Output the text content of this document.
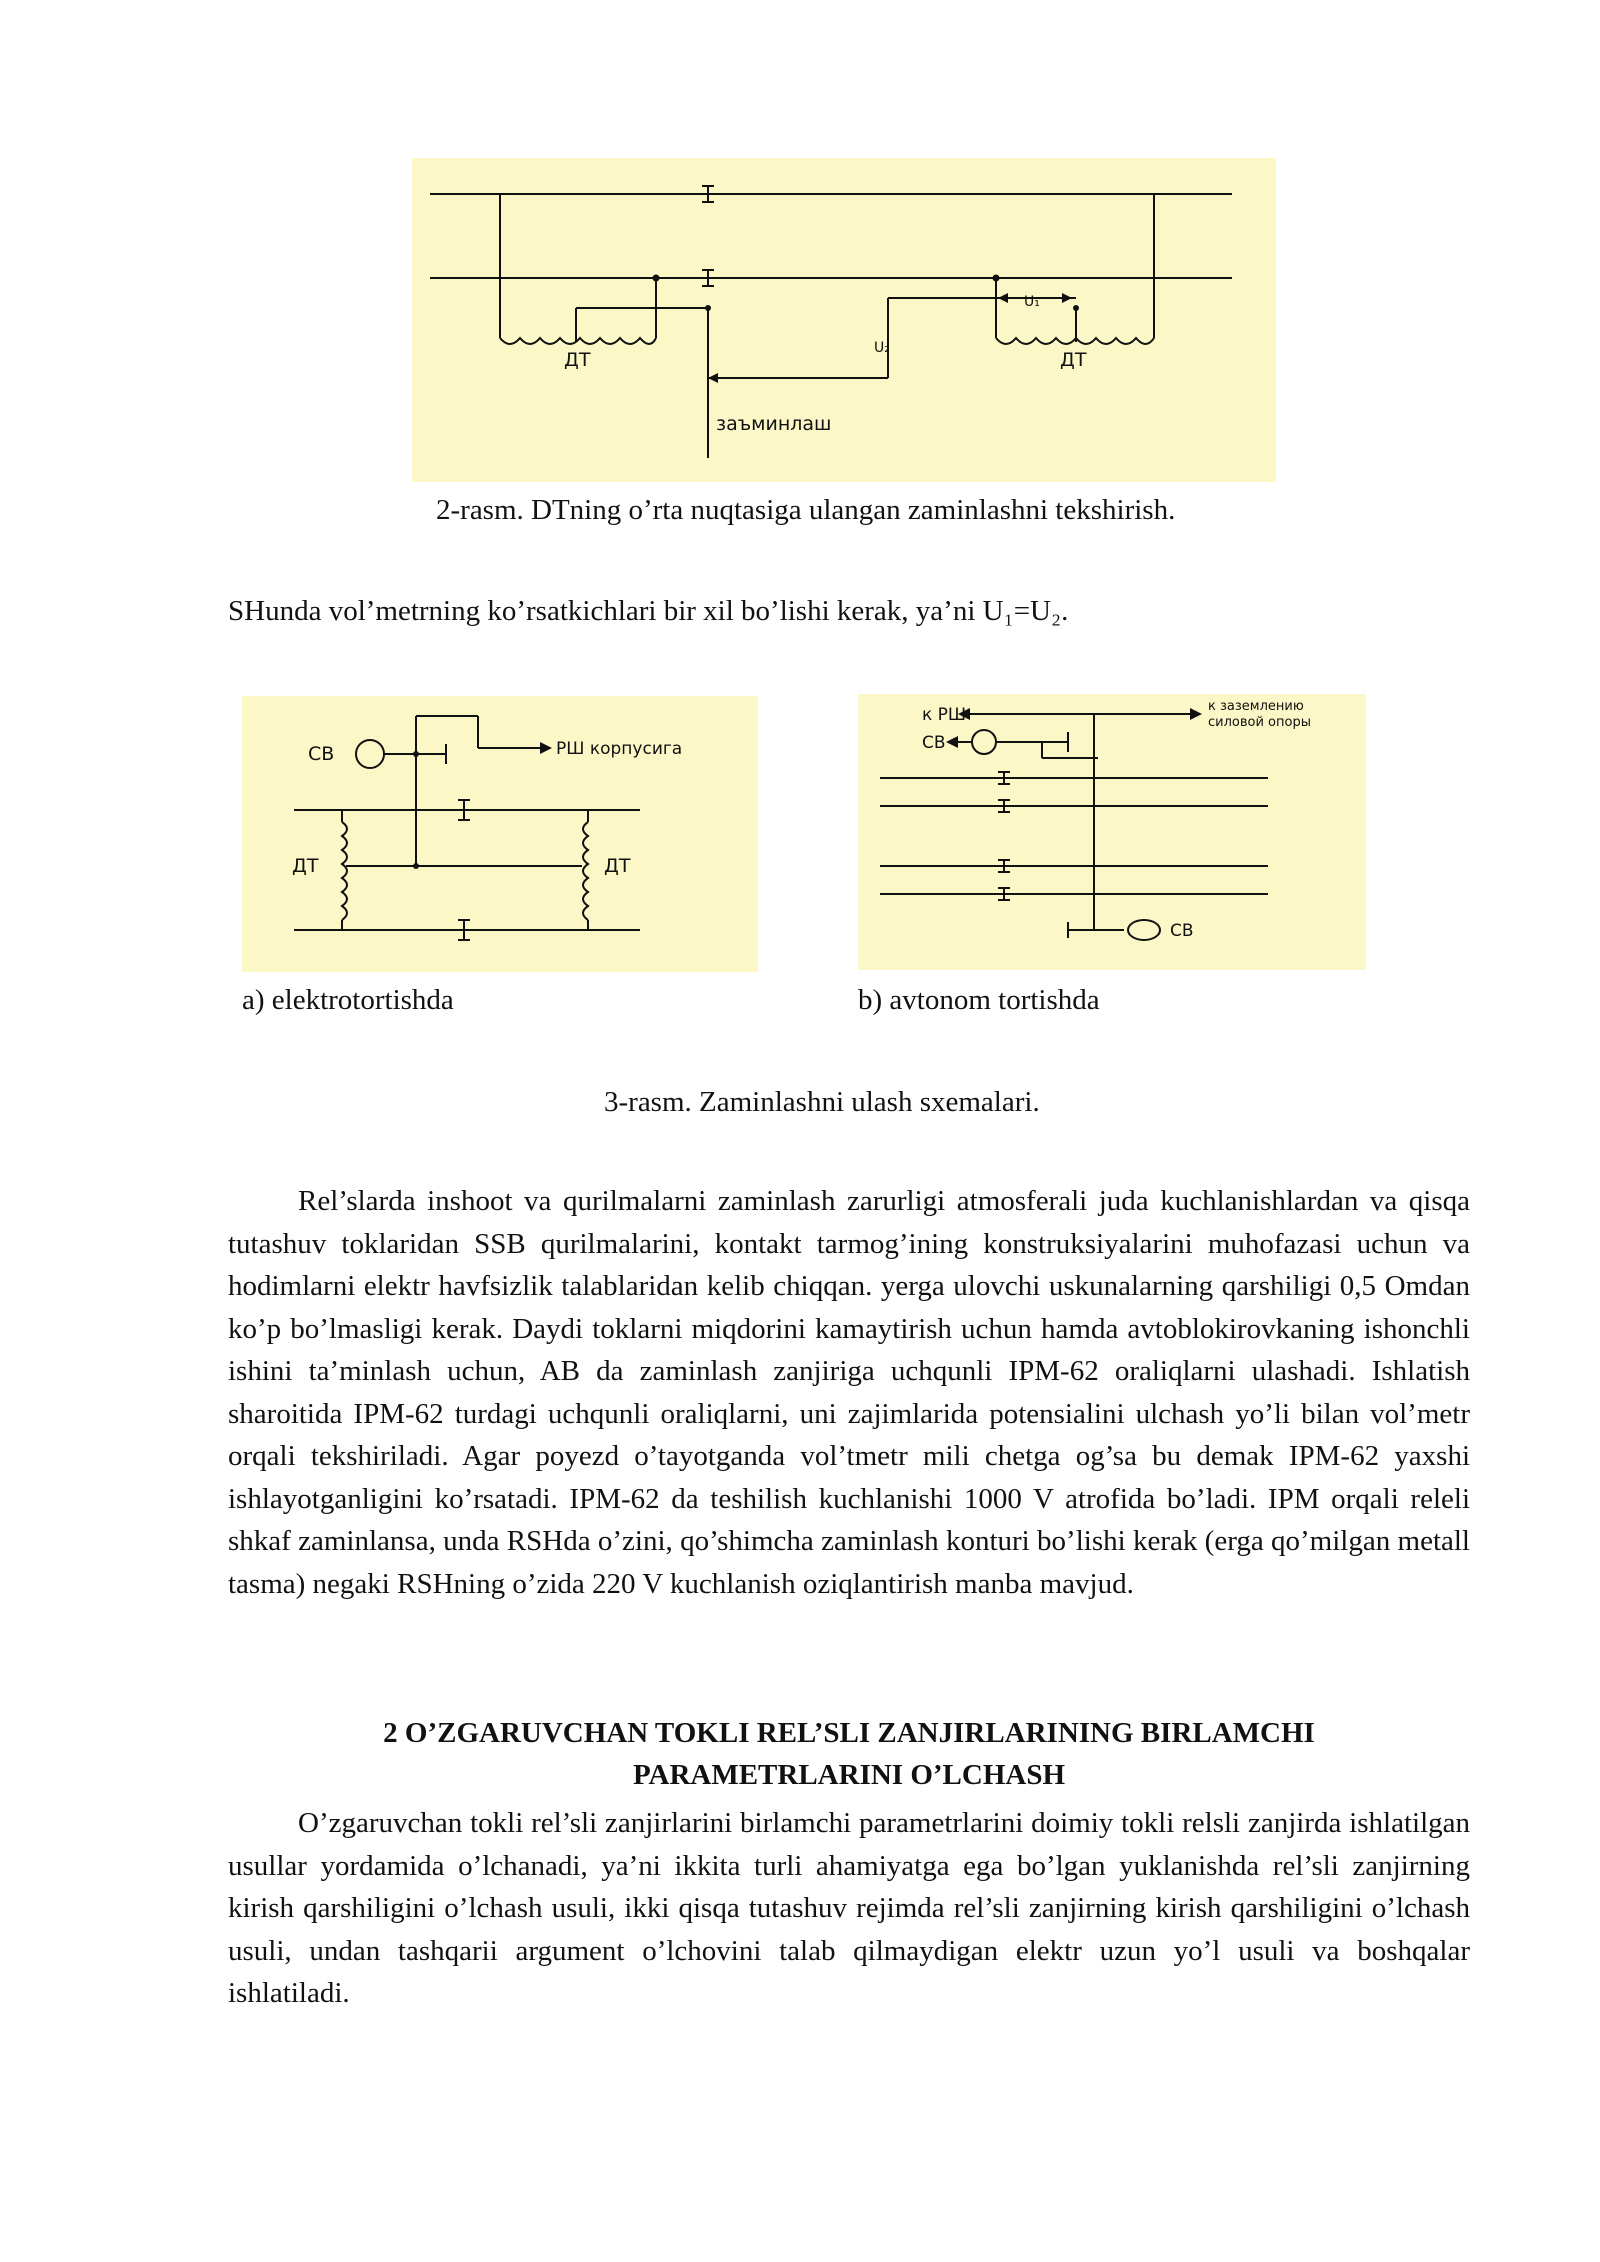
ДТ	ДТ
U₁
U₂
заъминлаш
2-rasm. DTning o’rta nuqtasiga ulangan zaminlashni tekshirish.
SHunda vol’metrning ko’rsatkichlari bir xil bo’lishi kerak, ya’ni U₁=U₂.
СВ	РШ корпусига
ДТ	ДТ
к РШ
СВ
к заземлению
силовой опоры
СВ
a) elektrotortishda	b) avtonom tortishda
3-rasm. Zaminlashni ulash sxemalari.

Rel’slarda inshoot va qurilmalarni zaminlash zarurligi atmosferali juda kuchlanishlardan va qisqa tutashuv toklaridan SSB qurilmalarini, kontakt tarmog’ining konstruksiyalarini muhofazasi uchun va hodimlarni elektr havfsizlik talablaridan kelib chiqqan. yerga ulovchi uskunalarning qarshiligi 0,5 Omdan ko’p bo’lmasligi kerak. Daydi toklarni miqdorini kamaytirish uchun hamda avtoblokirovkaning ishonchli ishini ta’minlash uchun, AB da zaminlash zanjiriga uchqunli IPM-62 oraliqlarni ulashadi. Ishlatish sharoitida IPM-62 turdagi uchqunli oraliqlarni, uni zajimlarida potensialini ulchash yo’li bilan vol’metr orqali tekshiriladi. Agar poyezd o’tayotganda vol’tmetr mili chetga og’sa bu demak IPM-62 yaxshi ishlayotganligini ko’rsatadi. IPM-62 da teshilish kuchlanishi 1000 V atrofida bo’ladi. IPM orqali releli shkaf zaminlansa, unda RSHda o’zini, qo’shimcha zaminlash konturi bo’lishi kerak (erga qo’milgan metall tasma) negaki RSHning o’zida 220 V kuchlanish oziqlantirish manba mavjud.

2 O’ZGARUVCHAN TOKLI REL’SLI ZANJIRLARINING BIRLAMCHI
PARAMETRLARINI O’LCHASH

O’zgaruvchan tokli rel’sli zanjirlarini birlamchi parametrlarini doimiy tokli relsli zanjirda ishlatilgan usullar yordamida o’lchanadi, ya’ni ikkita turli ahamiyatga ega bo’lgan yuklanishda rel’sli zanjirning kirish qarshiligini o’lchash usuli, ikki qisqa tutashuv rejimda rel’sli zanjirning kirish qarshiligini o’lchash usuli, undan tashqarii argument o’lchovini talab qilmaydigan elektr uzun yo’l usuli va boshqalar ishlatiladi.
